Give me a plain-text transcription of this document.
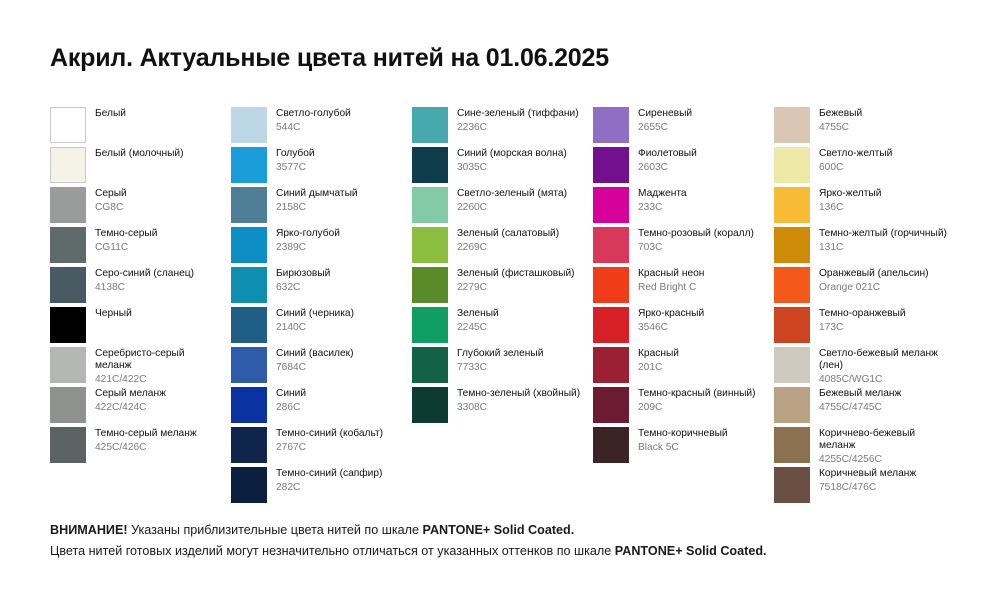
Акрил. Актуальные цвета нитей на 01.06.2025
Белый
Белый (молочный)
Серый
CG8C
Темно-серый
CG11C
Серо-синий (сланец)
4138C
Черный
Серебристо-серый меланж
421C/422C
Серый меланж
422C/424C
Темно-серый меланж
425C/426C
Светло-голубой
544C
Голубой
3577C
Синий дымчатый
2158C
Ярко-голубой
2389C
Бирюзовый
632C
Синий (черника)
2140C
Синий (василек)
7684C
Синий
286C
Темно-синий (кобальт)
2767C
Темно-синий (сапфир)
282C
Сине-зеленый (тиффани)
2236C
Синий (морская волна)
3035C
Светло-зеленый (мята)
2260C
Зеленый (салатовый)
2269C
Зеленый (фисташковый)
2279C
Зеленый
2245C
Глубокий зеленый
7733C
Темно-зеленый (хвойный)
3308C
Сиреневый
2655C
Фиолетовый
2603C
Маджента
233C
Темно-розовый (коралл)
703C
Красный неон
Red Bright C
Ярко-красный
3546C
Красный
201C
Темно-красный (винный)
209C
Темно-коричневый
Black 5C
Бежевый
4755C
Светло-желтый
600C
Ярко-желтый
136C
Темно-желтый (горчичный)
131C
Оранжевый (апельсин)
Orange 021C
Темно-оранжевый
173C
Светло-бежевый меланж (лен)
4085C/WG1C
Бежевый меланж
4755C/4745C
Коричнево-бежевый меланж
4255C/4256C
Коричневый меланж
7518C/476C
ВНИМАНИЕ! Указаны приблизительные цвета нитей по шкале PANTONE+ Solid Coated.
Цвета нитей готовых изделий могут незначительно отличаться от указанных оттенков по шкале PANTONE+ Solid Coated.
